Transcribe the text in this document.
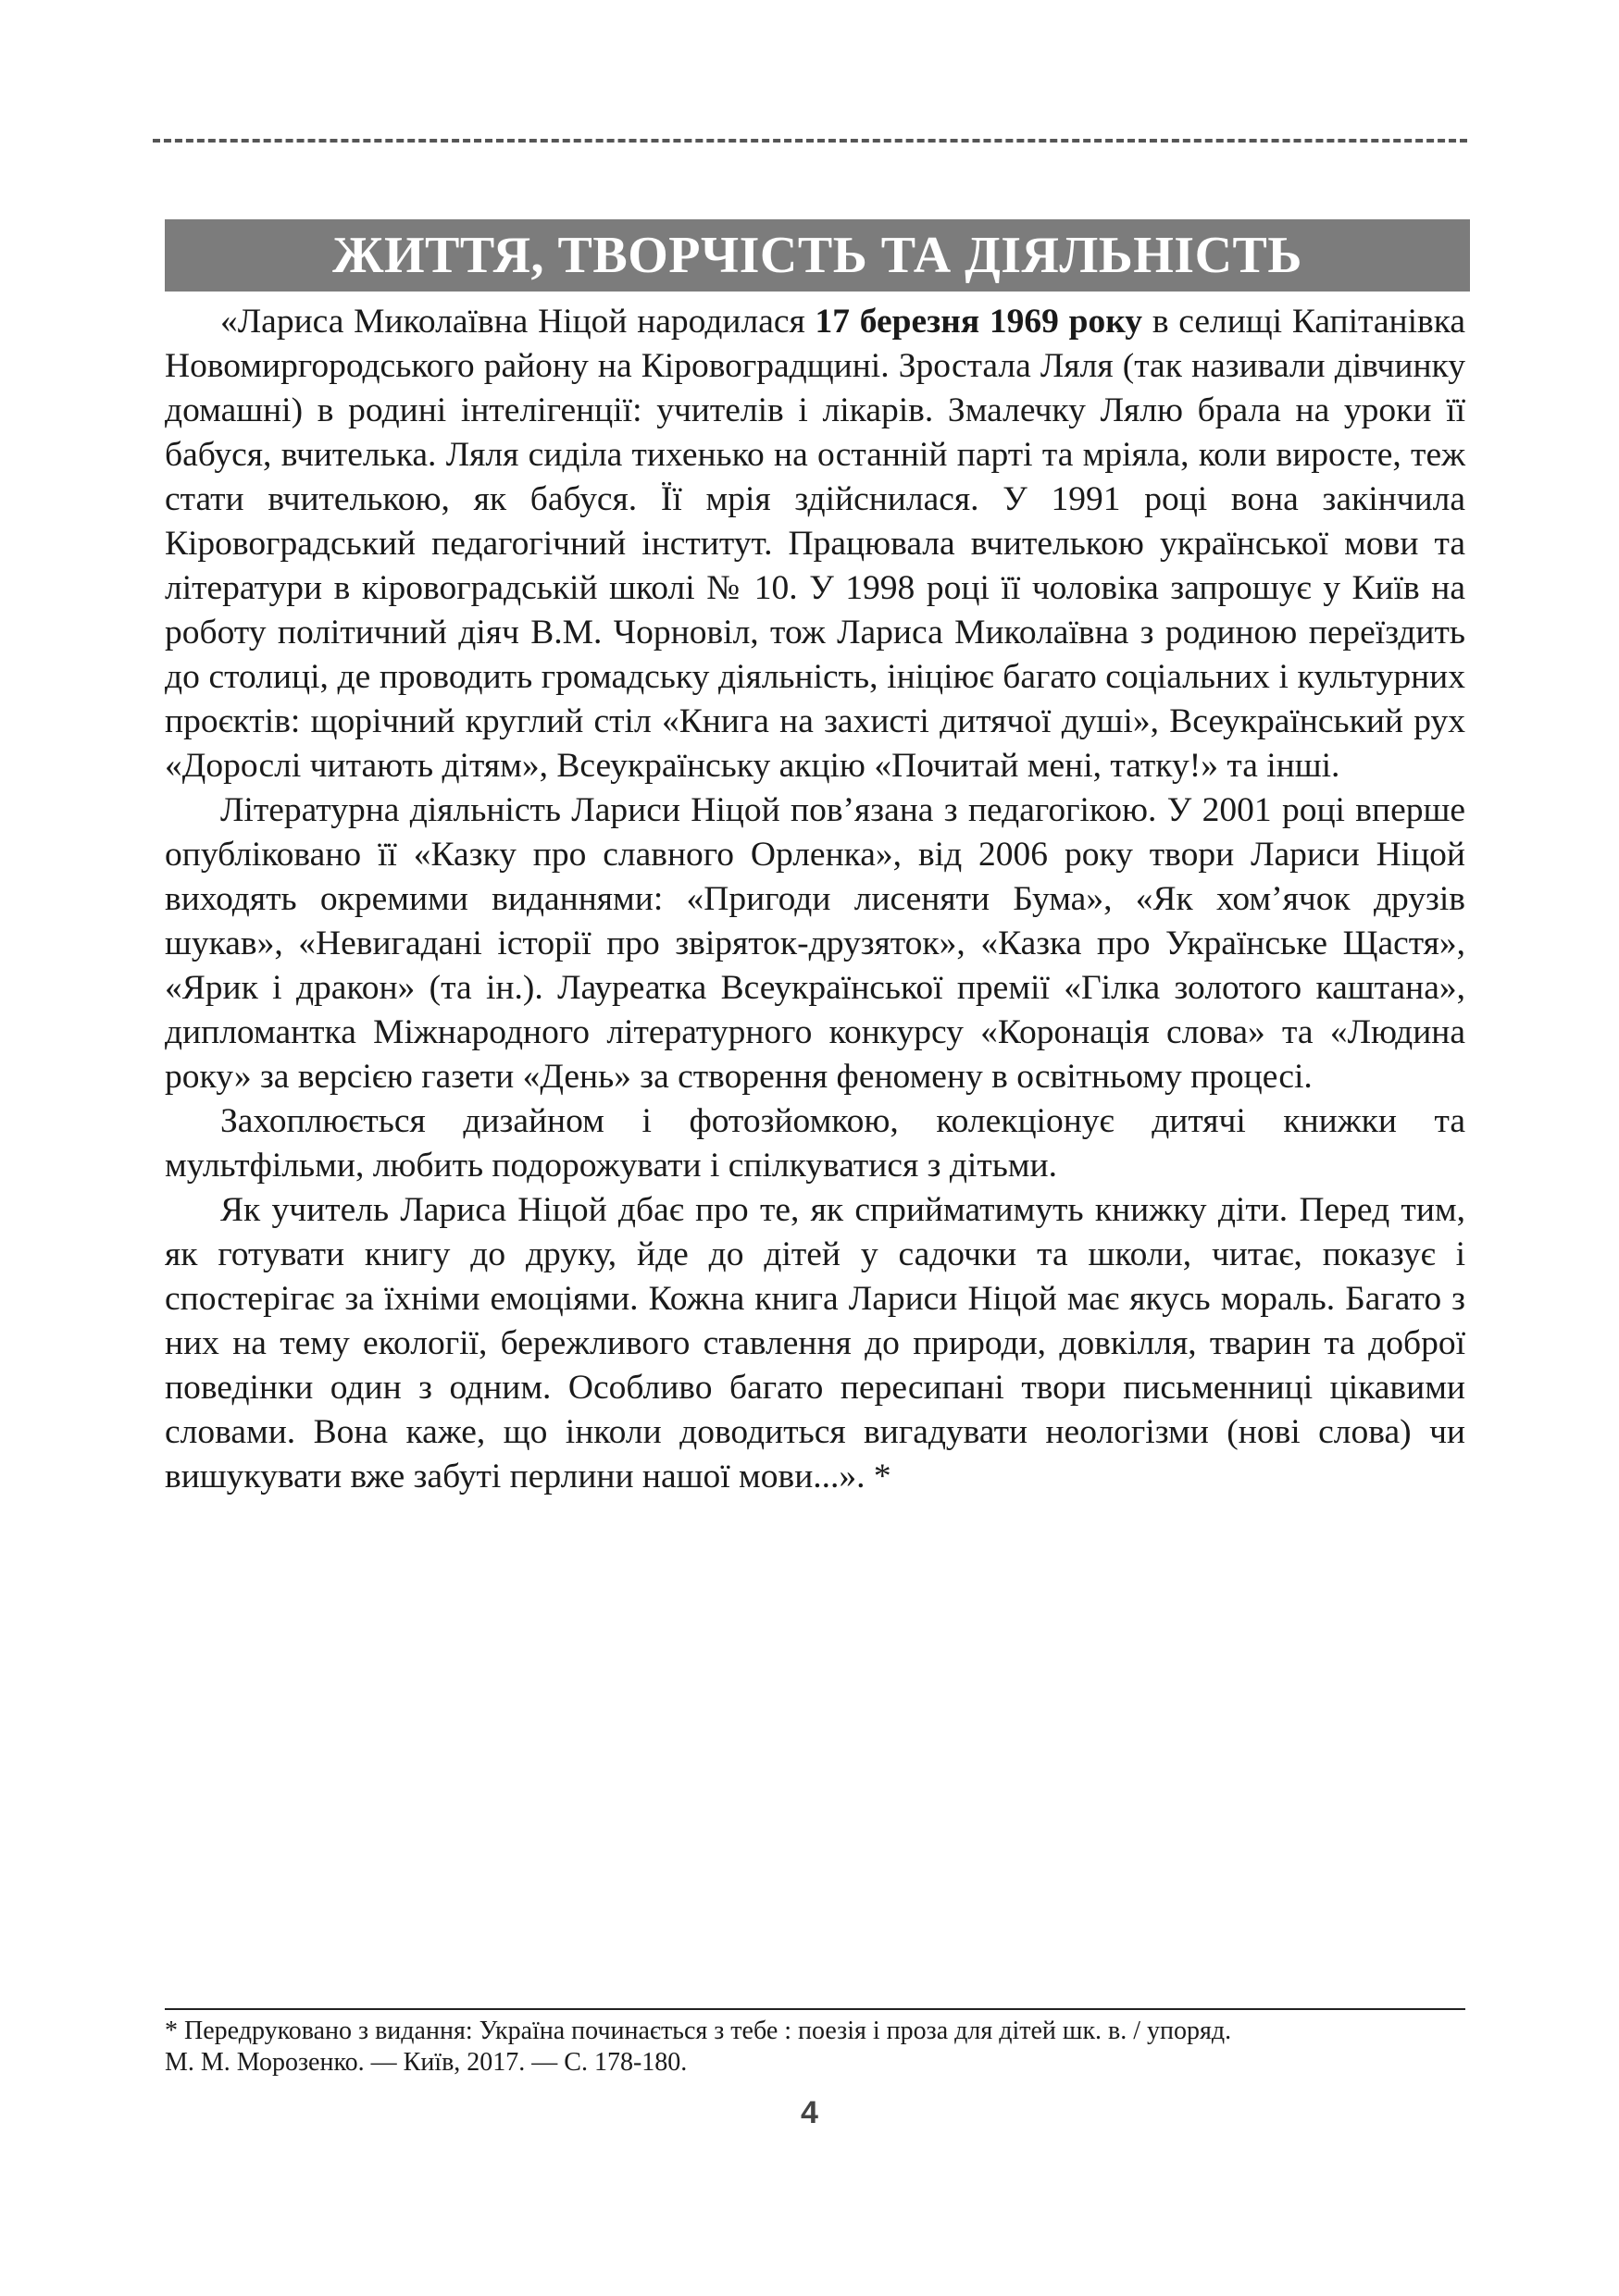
ЖИТТЯ, ТВОРЧІСТЬ ТА ДІЯЛЬНІСТЬ

«Лариса Миколаївна Ніцой народилася 17 березня 1969 року в селищі Капітанівка Новомиргородського району на Кіровоградщині. Зростала Ляля (так називали дівчинку домашні) в родині інтелігенції: учителів і лікарів. Змалечку Лялю брала на уроки її бабуся, вчителька. Ляля сиділа тихенько на останній парті та мріяла, коли виросте, теж стати вчителькою, як бабуся. Її мрія здійснилася. У 1991 році вона закінчила Кіровоградський педагогічний інститут. Працювала вчителькою української мови та літератури в кіровоградській школі № 10. У 1998 році її чоловіка запрошує у Київ на роботу політичний діяч В.М. Чорновіл, тож Лариса Миколаївна з родиною переїздить до столиці, де проводить громадську діяльність, ініціює багато соціальних і культурних проєктів: щорічний круглий стіл «Книга на захисті дитячої душі», Всеукраїнський рух «Дорослі читають дітям», Всеукраїнську акцію «Почитай мені, татку!» та інші.

Літературна діяльність Лариси Ніцой пов’язана з педагогікою. У 2001 році вперше опубліковано її «Казку про славного Орленка», від 2006 року твори Лариси Ніцой виходять окремими виданнями: «Пригоди лисеняти Бума», «Як хом’ячок друзів шукав», «Невигадані історії про звіряток-друзяток», «Казка про Українське Щастя», «Ярик і дракон» (та ін.). Лауреатка Всеукраїнської премії «Гілка золотого каштана», дипломантка Міжнародного літературного конкурсу «Коронація слова» та «Людина року» за версією газети «День» за створення феномену в освітньому процесі.

Захоплюється дизайном і фотозйомкою, колекціонує дитячі книжки та мультфільми, любить подорожувати і спілкуватися з дітьми.

Як учитель Лариса Ніцой дбає про те, як сприйматимуть книжку діти. Перед тим, як готувати книгу до друку, йде до дітей у садочки та школи, читає, показує і спостерігає за їхніми емоціями. Кожна книга Лариси Ніцой має якусь мораль. Багато з них на тему екології, бережливого ставлення до природи, довкілля, тварин та доброї поведінки один з одним. Особливо багато пересипані твори письменниці цікавими словами. Вона каже, що інколи доводиться вигадувати неологізми (нові слова) чи вишукувати вже забуті перлини нашої мови...». *

* Передруковано з видання: Україна починається з тебе : поезія і проза для дітей шк. в. / упоряд.

М. М. Морозенко. — Київ, 2017. — С. 178-180.

4
